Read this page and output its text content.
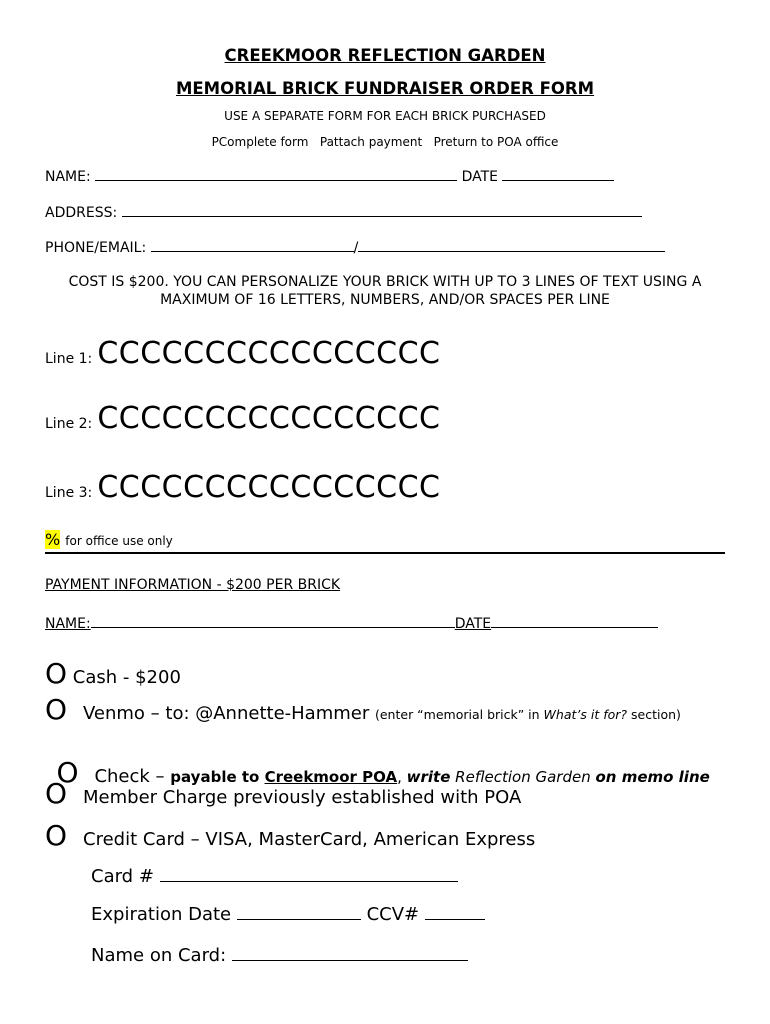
CREEKMOOR REFLECTION GARDEN
MEMORIAL BRICK FUNDRAISER ORDER FORM
USE A SEPARATE FORM FOR EACH BRICK PURCHASED
PComplete form   Pattach payment   Preturn to POA office
NAME:	DATE
ADDRESS:
PHONE/EMAIL:	/
COST IS $200. YOU CAN PERSONALIZE YOUR BRICK WITH UP TO 3 LINES OF TEXT USING A MAXIMUM OF 16 LETTERS, NUMBERS, AND/OR SPACES PER LINE
Line 1: CCCCCCCCCCCCCCCC
Line 2: CCCCCCCCCCCCCCCC
Line 3: CCCCCCCCCCCCCCCC
% for office use only
PAYMENT INFORMATION - $200 PER BRICK
NAME:	DATE
O Cash - $200
O Venmo – to: @Annette-Hammer (enter “memorial brick” in What’s it for? section)

O Check – payable to Creekmoor POA, write Reflection Garden on memo line

O Member Charge previously established with POA
O Credit Card – VISA, MasterCard, American Express
Card #
Expiration Date	CCV#
Name on Card:
